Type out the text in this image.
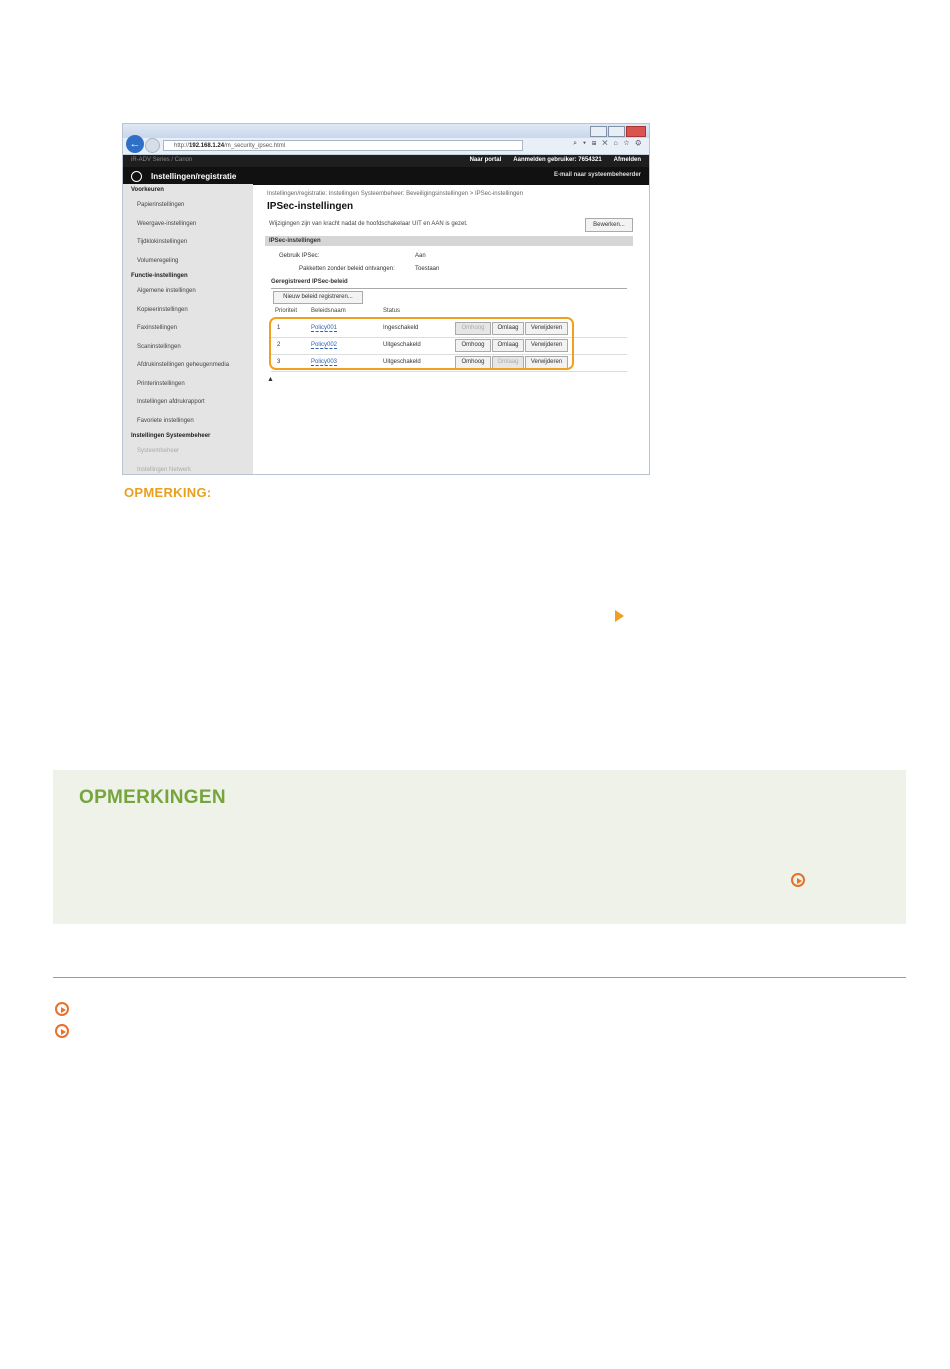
←	http://192.168.1.24/m_security_ipsec.html	⌕ ▾ ⊞ ✕ ⌂ ☆ ⚙
iR-ADV Series / Canon	Naar portal Aanmelden gebruiker: 7654321 Afmelden
Instellingen/registratie	E-mail naar systeembeheerder
Voorkeuren
Papierinstellingen
Weergave-instellingen
Tijdklokinstellingen
Volumeregeling
Functie-instellingen
Algemene instellingen
Kopieerinstellingen
Faxinstellingen
Scaninstellingen
Afdrukinstellingen geheugenmedia
Printerinstellingen
Instellingen afdrukrapport
Favoriete instellingen
Instellingen Systeembeheer
Systeembeheer
Instellingen Netwerk
Instellingen/registratie: Instellingen Systeembeheer: Beveiligingsinstellingen > IPSec-instellingen
IPSec-instellingen
Wijzigingen zijn van kracht nadat de hoofdschakelaar UIT en AAN is gezet.	Bewerken...
IPSec-instellingen
Gebruik IPSec:	Aan
Pakketten zonder beleid ontvangen:	Toestaan
Geregistreerd IPSec-beleid
Nieuw beleid registreren...
Prioriteit Beleidsnaam	Status
1	Policy001	Ingeschakeld	Omhoog	Omlaag	Verwijderen
2	Policy002	Uitgeschakeld	Omhoog	Omlaag	Verwijderen
3	Policy003	Uitgeschakeld	Omhoog	Omlaag	Verwijderen
▲
OPMERKING:
OPMERKINGEN
